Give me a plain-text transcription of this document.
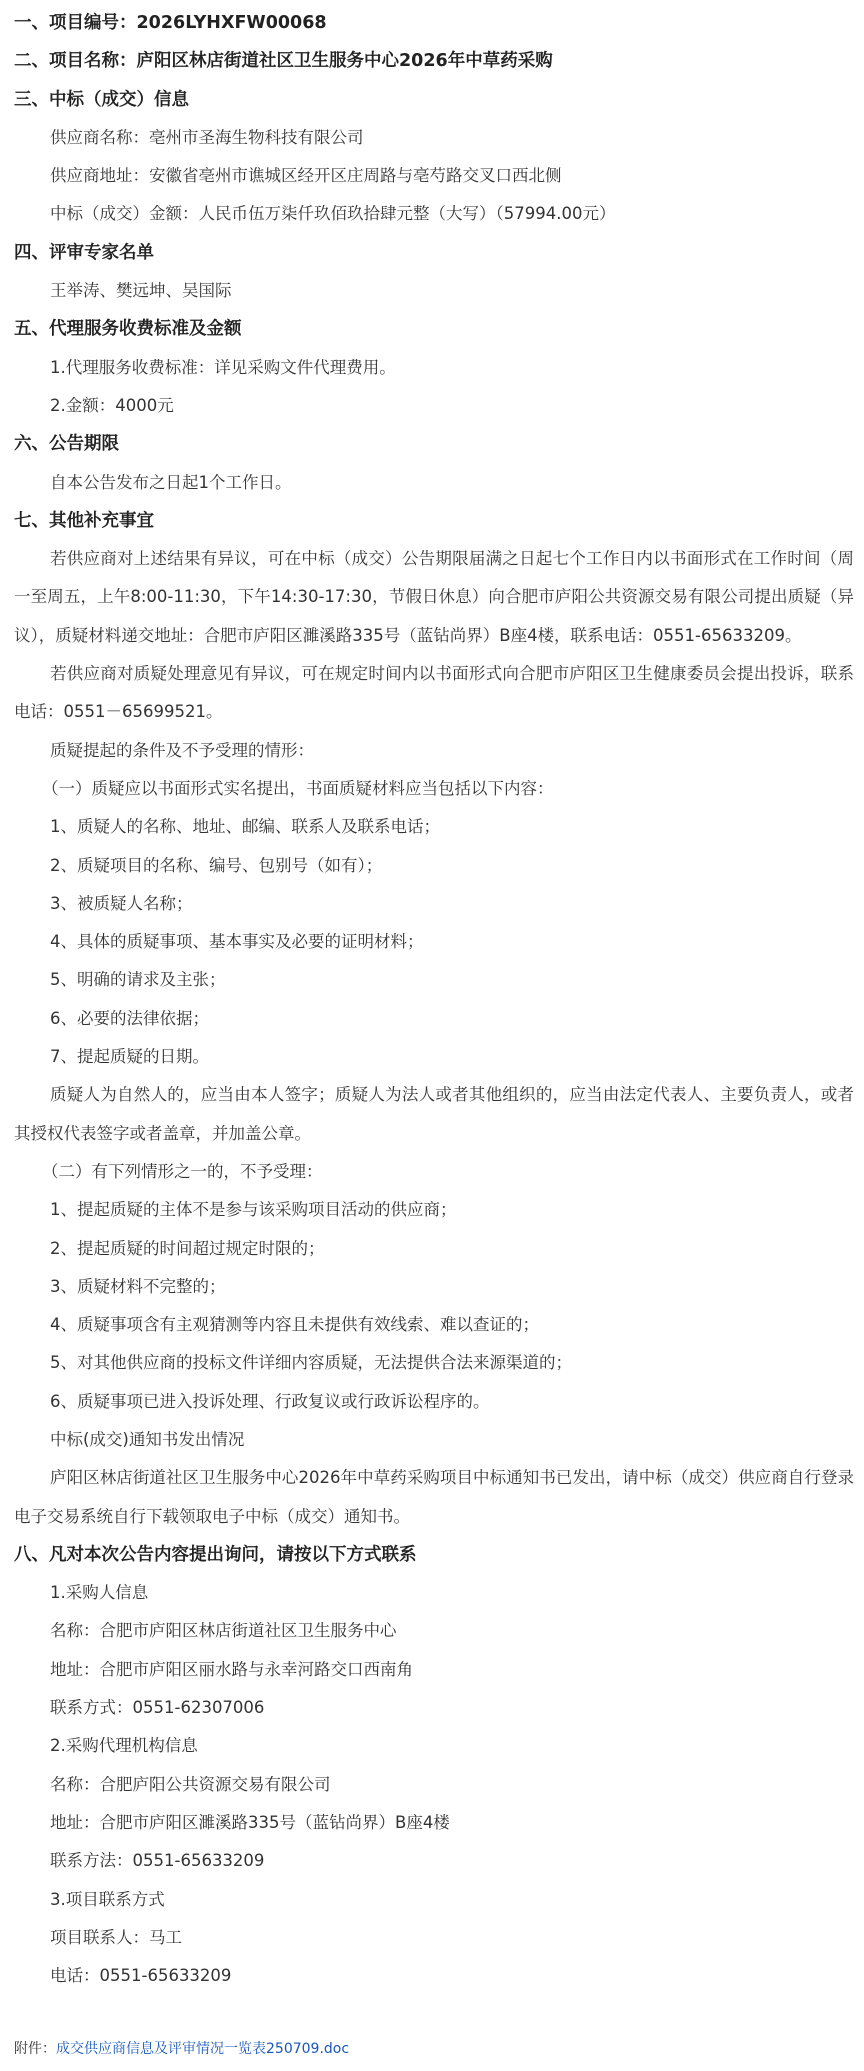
一、项目编号：2026LYHXFW00068
二、项目名称：庐阳区林店街道社区卫生服务中心2026年中草药采购
三、中标（成交）信息
供应商名称：亳州市圣海生物科技有限公司
供应商地址：安徽省亳州市谯城区经开区庄周路与亳芍路交叉口西北侧
中标（成交）金额：人民币伍万柒仟玖佰玖拾肆元整（大写）（57994.00元）
四、评审专家名单
王举涛、樊远坤、吴国际
五、代理服务收费标准及金额
1.代理服务收费标准：详见采购文件代理费用。
2.金额：4000元
六、公告期限
自本公告发布之日起1个工作日。
七、其他补充事宜

若供应商对上述结果有异议，可在中标（成交）公告期限届满之日起七个工作日内以书面形式在工作时间（周一至周五，上午8:00-11:30，下午14:30-17:30，节假日休息）向合肥市庐阳公共资源交易有限公司提出质疑（异议），质疑材料递交地址：合肥市庐阳区濉溪路335号（蓝钻尚界）B座4楼，联系电话：0551-65633209。

若供应商对质疑处理意见有异议，可在规定时间内以书面形式向合肥市庐阳区卫生健康委员会提出投诉，联系电话：0551－65699521。

质疑提起的条件及不予受理的情形：
（一）质疑应以书面形式实名提出，书面质疑材料应当包括以下内容：
1、质疑人的名称、地址、邮编、联系人及联系电话；
2、质疑项目的名称、编号、包别号（如有）；
3、被质疑人名称；
4、具体的质疑事项、基本事实及必要的证明材料；
5、明确的请求及主张；
6、必要的法律依据；
7、提起质疑的日期。

质疑人为自然人的，应当由本人签字；质疑人为法人或者其他组织的，应当由法定代表人、主要负责人，或者其授权代表签字或者盖章，并加盖公章。

（二）有下列情形之一的，不予受理：
1、提起质疑的主体不是参与该采购项目活动的供应商；
2、提起质疑的时间超过规定时限的；
3、质疑材料不完整的；
4、质疑事项含有主观猜测等内容且未提供有效线索、难以查证的；
5、对其他供应商的投标文件详细内容质疑，无法提供合法来源渠道的；
6、质疑事项已进入投诉处理、行政复议或行政诉讼程序的。
中标(成交)通知书发出情况

庐阳区林店街道社区卫生服务中心2026年中草药采购项目中标通知书已发出，请中标（成交）供应商自行登录电子交易系统自行下载领取电子中标（成交）通知书。

八、凡对本次公告内容提出询问，请按以下方式联系
1.采购人信息
名称：合肥市庐阳区林店街道社区卫生服务中心
地址：合肥市庐阳区丽水路与永幸河路交口西南角
联系方式：0551-62307006
2.采购代理机构信息
名称：合肥庐阳公共资源交易有限公司
地址：合肥市庐阳区濉溪路335号（蓝钻尚界）B座4楼
联系方法：0551-65633209
3.项目联系方式
项目联系人：马工
电话：0551-65633209
附件：成交供应商信息及评审情况一览表250709.doc
